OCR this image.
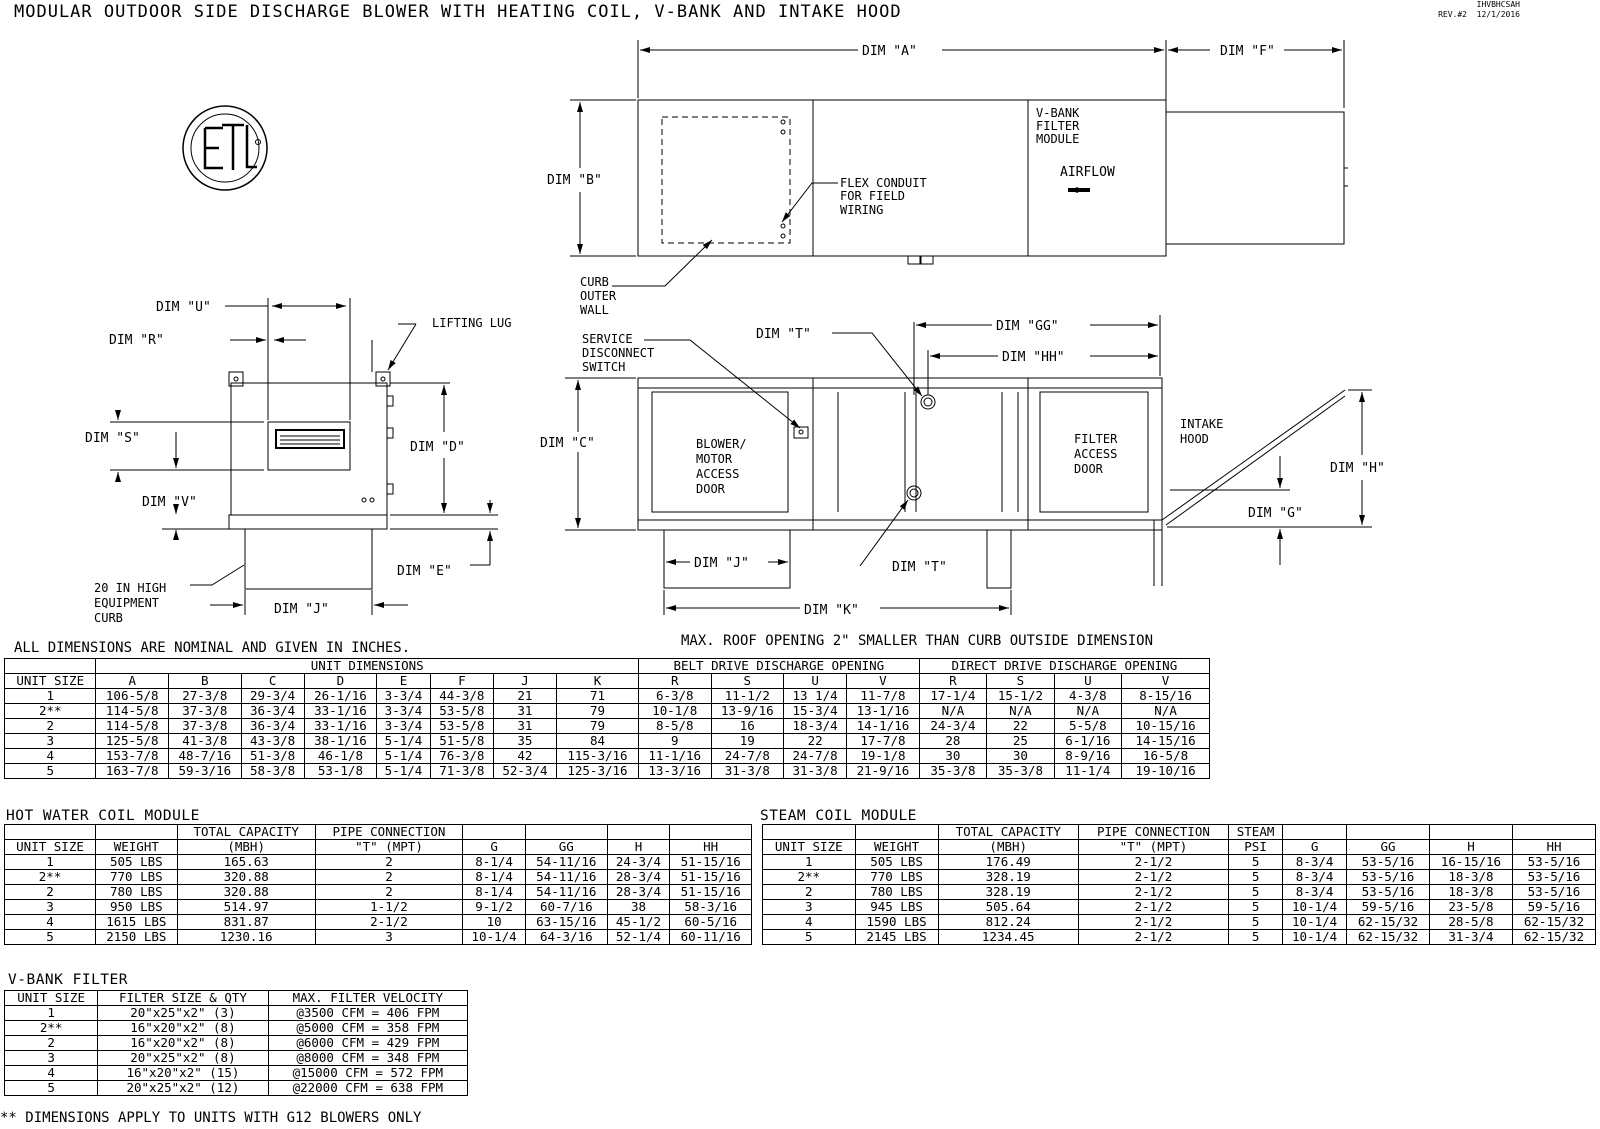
MODULAR OUTDOOR SIDE DISCHARGE BLOWER WITH HEATING COIL, V-BANK AND INTAKE HOOD	IHVBHCSAH
REV.#2 12/1/2016
DIM "A"	DIM "F"
DIM "B"
V-BANK
FILTER
MODULE
AIRFLOW
FLEX CONDUIT
FOR FIELD
WIRING
CURB
OUTER
WALL
DIM "U"
DIM "R"
LIFTING LUG
DIM "S"
DIM "D"
DIM "V"
DIM "E"
DIM "J"
20 IN HIGH
EQUIPMENT
CURB
SERVICE
DISCONNECT
SWITCH
DIM "T"
DIM "GG"
DIM "HH"
DIM "C"	BLOWER/
MOTOR
ACCESS
DOOR
FILTER
ACCESS
DOOR
INTAKE
HOOD
DIM "H"
DIM "G"
DIM "J"	DIM "T"
DIM "K"
ALL DIMENSIONS ARE NOMINAL AND GIVEN IN INCHES.	MAX. ROOF OPENING 2" SMALLER THAN CURB OUTSIDE DIMENSION
	UNIT DIMENSIONS								BELT DRIVE DISCHARGE OPENING				DIRECT DRIVE DISCHARGE OPENING			
UNIT SIZE	A	B	C	D	E	F	J	K	R	S	U	V	R	S	U	V
1	106-5/8	27-3/8	29-3/4	26-1/16	3-3/4	44-3/8	21	71	6-3/8	11-1/2	13 1/4	11-7/8	17-1/4	15-1/2	4-3/8	8-15/16
2**	114-5/8	37-3/8	36-3/4	33-1/16	3-3/4	53-5/8	31	79	10-1/8	13-9/16	15-3/4	13-1/16	N/A	N/A	N/A	N/A
2	114-5/8	37-3/8	36-3/4	33-1/16	3-3/4	53-5/8	31	79	8-5/8	16	18-3/4	14-1/16	24-3/4	22	5-5/8	10-15/16
3	125-5/8	41-3/8	43-3/8	38-1/16	5-1/4	51-5/8	35	84	9	19	22	17-7/8	28	25	6-1/16	14-15/16
4	153-7/8	48-7/16	51-3/8	46-1/8	5-1/4	76-3/8	42	115-3/16	11-1/16	24-7/8	24-7/8	19-1/8	30	30	8-9/16	16-5/8
5	163-7/8	59-3/16	58-3/8	53-1/8	5-1/4	71-3/8	52-3/4	125-3/16	13-3/16	31-3/8	31-3/8	21-9/16	35-3/8	35-3/8	11-1/4	19-10/16
HOT WATER COIL MODULE
		TOTAL CAPACITY	PIPE CONNECTION				
UNIT SIZE	WEIGHT	(MBH)	"T" (MPT)	G	GG	H	HH
1	505 LBS	165.63	2	8-1/4	54-11/16	24-3/4	51-15/16
2**	770 LBS	320.88	2	8-1/4	54-11/16	28-3/4	51-15/16
2	780 LBS	320.88	2	8-1/4	54-11/16	28-3/4	51-15/16
3	950 LBS	514.97	1-1/2	9-1/2	60-7/16	38	58-3/16
4	1615 LBS	831.87	2-1/2	10	63-15/16	45-1/2	60-5/16
5	2150 LBS	1230.16	3	10-1/4	64-3/16	52-1/4	60-11/16
STEAM COIL MODULE
		TOTAL CAPACITY	PIPE CONNECTION	STEAM				
UNIT SIZE	WEIGHT	(MBH)	"T" (MPT)	PSI	G	GG	H	HH
1	505 LBS	176.49	2-1/2	5	8-3/4	53-5/16	16-15/16	53-5/16
2**	770 LBS	328.19	2-1/2	5	8-3/4	53-5/16	18-3/8	53-5/16
2	780 LBS	328.19	2-1/2	5	8-3/4	53-5/16	18-3/8	53-5/16
3	945 LBS	505.64	2-1/2	5	10-1/4	59-5/16	23-5/8	59-5/16
4	1590 LBS	812.24	2-1/2	5	10-1/4	62-15/32	28-5/8	62-15/32
5	2145 LBS	1234.45	2-1/2	5	10-1/4	62-15/32	31-3/4	62-15/32
V-BANK FILTER
UNIT SIZE	FILTER SIZE & QTY	MAX. FILTER VELOCITY
1	20"x25"x2" (3)	@3500 CFM = 406 FPM
2**	16"x20"x2" (8)	@5000 CFM = 358 FPM
2	16"x20"x2" (8)	@6000 CFM = 429 FPM
3	20"x25"x2" (8)	@8000 CFM = 348 FPM
4	16"x20"x2" (15)	@15000 CFM = 572 FPM
5	20"x25"x2" (12)	@22000 CFM = 638 FPM
** DIMENSIONS APPLY TO UNITS WITH G12 BLOWERS ONLY
